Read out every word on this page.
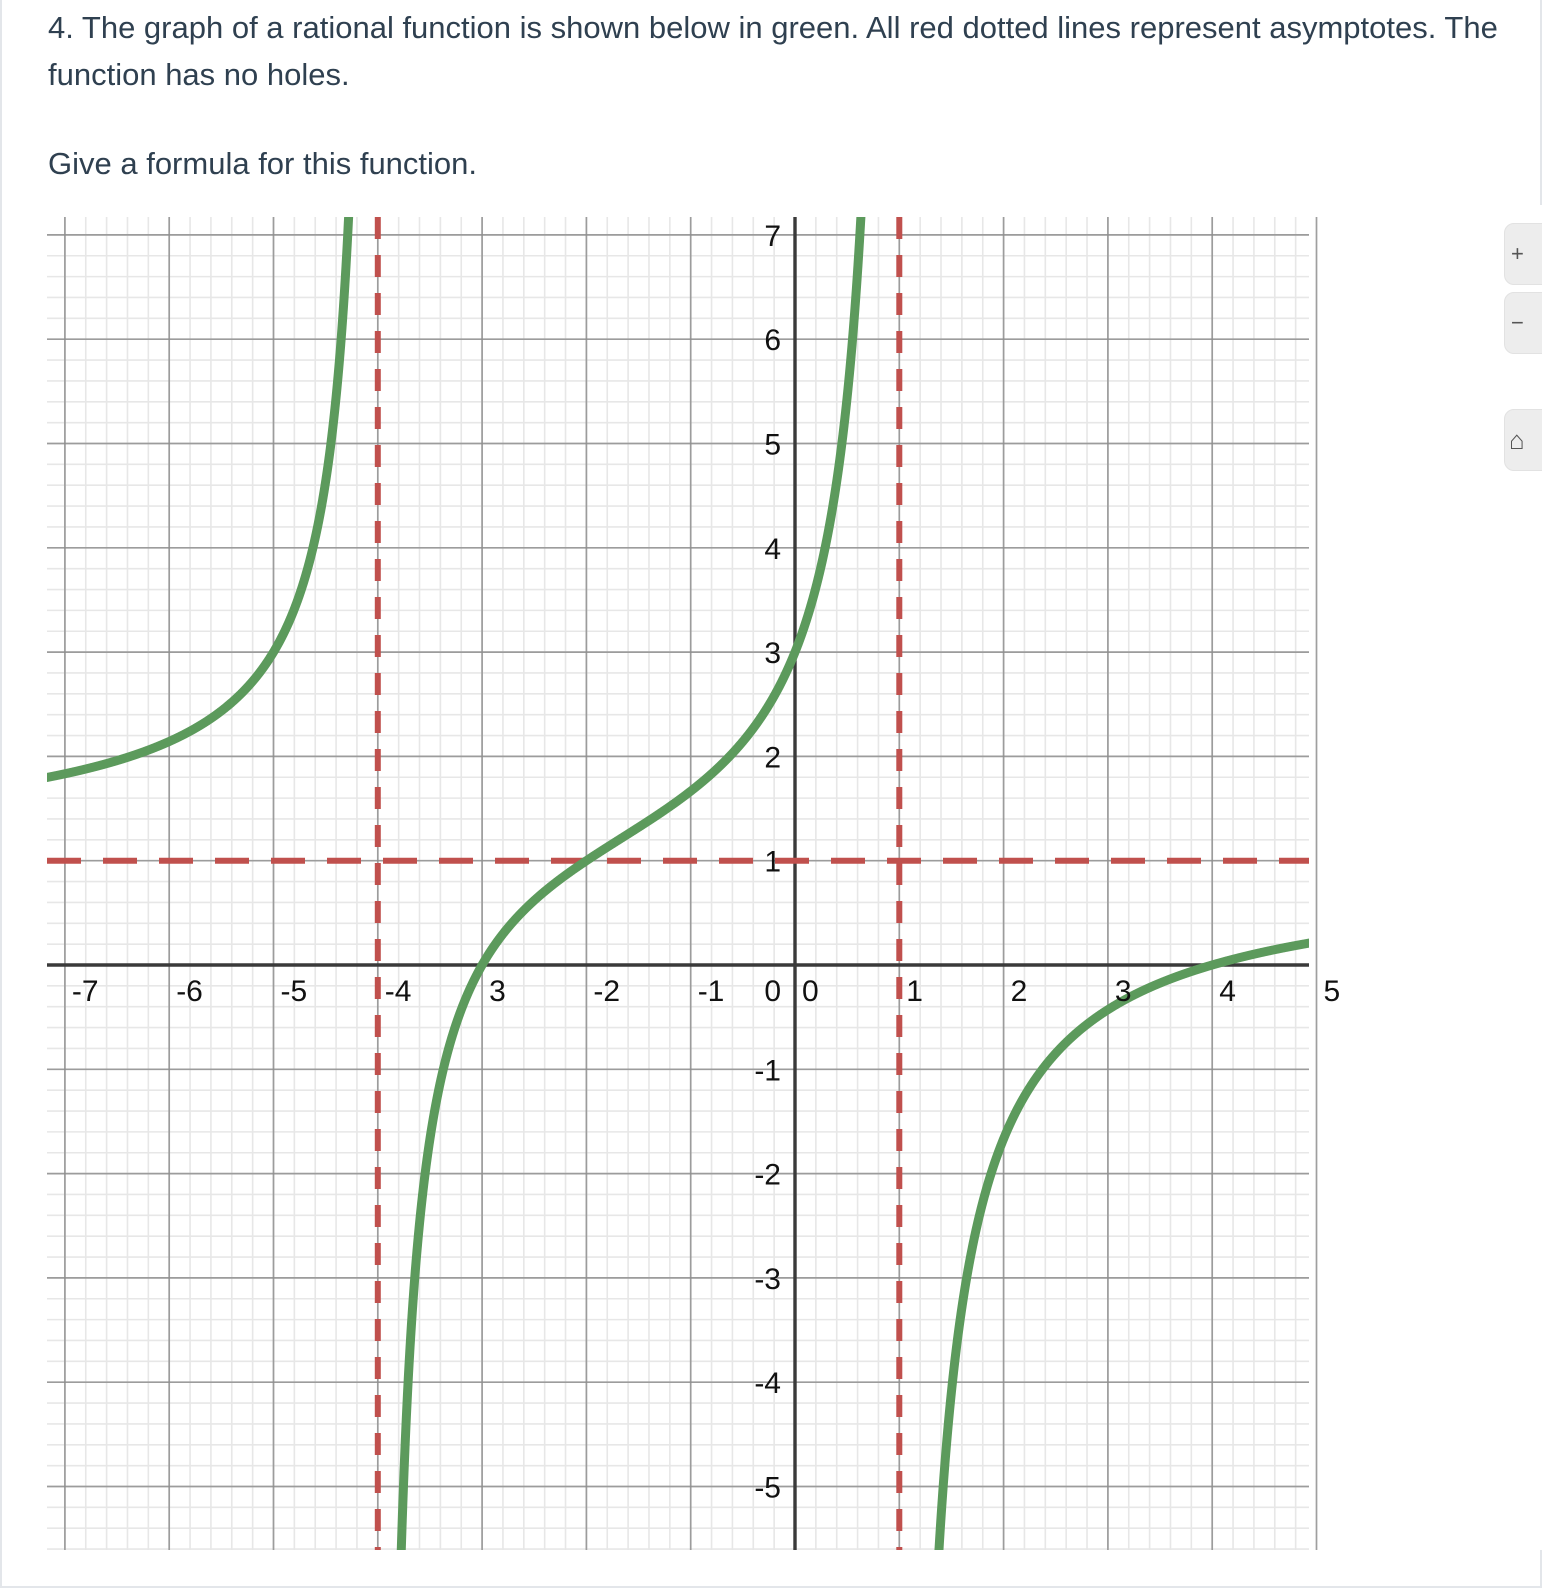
4. The graph of a rational function is shown below in green. All red dotted lines represent asymptotes. The function has no holes.

Give a formula for this function.

-7	-6	-5	-4	3	-2	-1	0	1	2	3	4	5
-5
-4
-3
-2
-1
0
1
2
3
4
5
6
7
+
−
⌂
